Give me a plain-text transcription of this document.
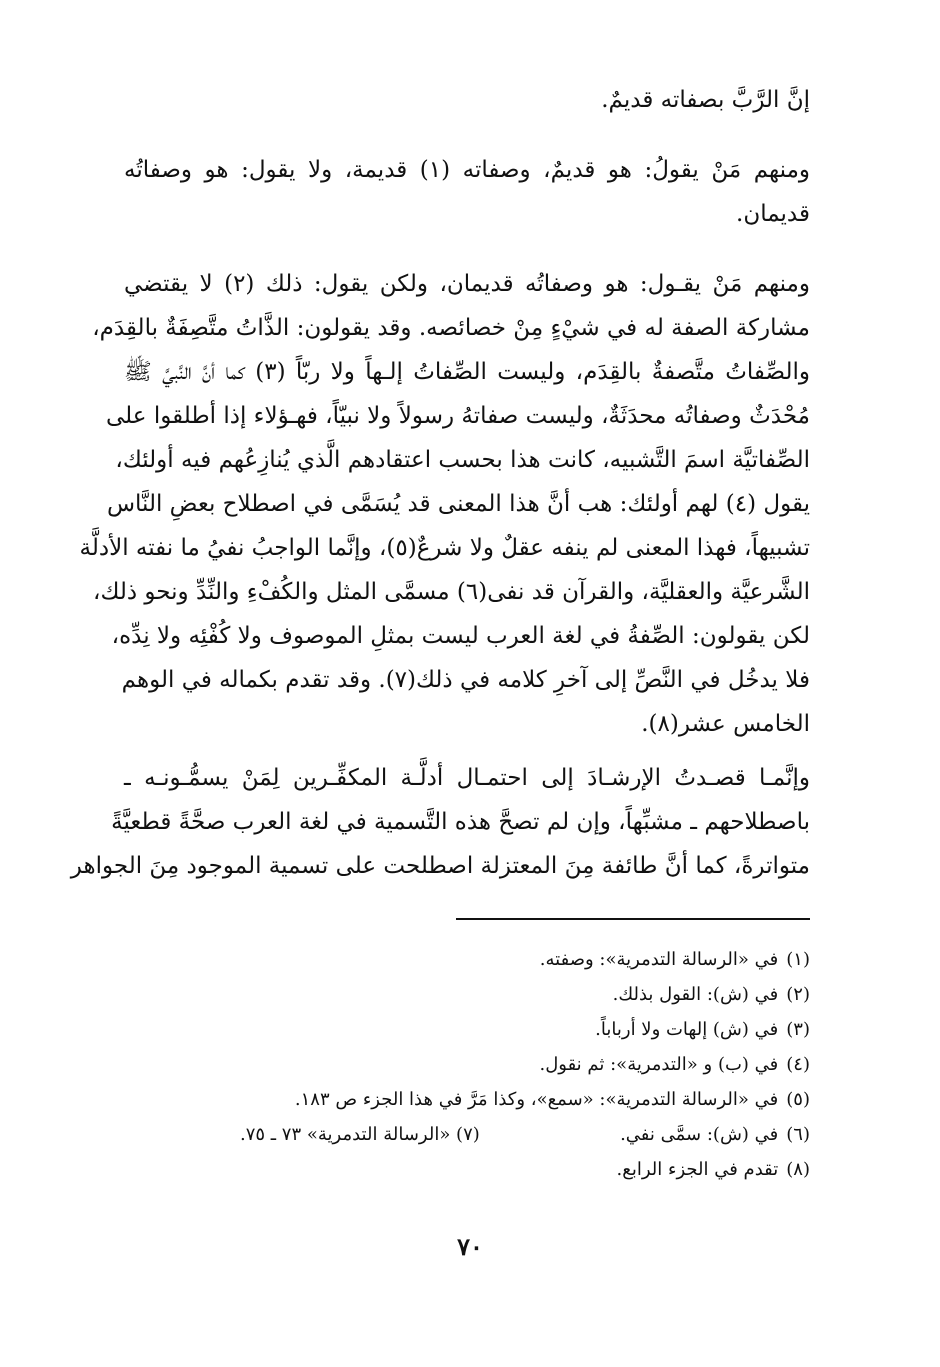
إنَّ الرَّبَّ بصفاته قديمٌ.
ومنهم مَنْ يقولُ: هو قديمٌ، وصفاته (١) قديمة، ولا يقول: هو وصفاتُه
قديمان.
ومنهم مَنْ يقـول: هو وصفاتُه قديمان، ولكن يقول: ذلك (٢) لا يقتضي
مشاركة الصفة له في شيْءٍ مِنْ خصائصه. وقد يقولون: الذَّاتُ متَّصِفَةٌ بالقِدَم،
والصِّفاتُ متَّصفةٌ بالقِدَم، وليست الصِّفاتُ إلـهاً ولا ربّاً (٣) كما أنَّ النَّبيَّ ﷺ
مُحْدَثٌ وصفاتُه محدَثَةٌ، وليست صفاتهُ رسولاً ولا نبيّاً، فهـؤلاء إذا أطلقوا على
الصِّفاتيَّة اسمَ التَّشبيه، كانت هذا بحسب اعتقادهم الَّذي يُنازِعُهم فيه أولئك،
يقول (٤) لهم أولئك: هب أنَّ هذا المعنى قد يُسَمَّى في اصطلاح بعضِ النَّاس
تشبيهاً، فهذا المعنى لم ينفه عقلٌ ولا شرعٌ(٥)، وإنَّما الواجبُ نفيُ ما نفته الأدلَّة
الشَّرعيَّة والعقليَّة، والقرآن قد نفى(٦) مسمَّى المثل والكُفْءِ والنِّدِّ ونحو ذلك،
لكن يقولون: الصِّفةُ في لغة العرب ليست بمثلِ الموصوف ولا كُفْئِه ولا نِدِّه،
فلا يدخُل في النَّصِّ إلى آخرِ كلامه في ذلك(٧). وقد تقدم بكماله في الوهم
الخامس عشر(٨).
وإنَّمـا قصـدتُ الإرشـادَ إلى احتمـال أدلَّـة المكفِّـرين لِمَنْ يسمُّـونـه ـ
باصطلاحهم ـ مشبِّهاً، وإن لم تصحَّ هذه التَّسمية في لغة العرب صحَّةً قطعيَّةً
متواترةً، كما أنَّ طائفة مِنَ المعتزلة اصطلحت على تسمية الموجود مِنَ الجواهر
(١)في «الرسالة التدمرية»: وصفته.
(٢)في (ش): القول بذلك.
(٣)في (ش) إلهات ولا أرباباً.
(٤)في (ب) و «التدمرية»: ثم نقول.
(٥)في «الرسالة التدمرية»: «سمع»، وكذا مَرَّ في هذا الجزء ص ١٨٣.
(٦)في (ش): سمَّى نفي.
(٧) «الرسالة التدمرية» ٧٣ ـ ٧٥.
(٨)تقدم في الجزء الرابع.
٧٠
